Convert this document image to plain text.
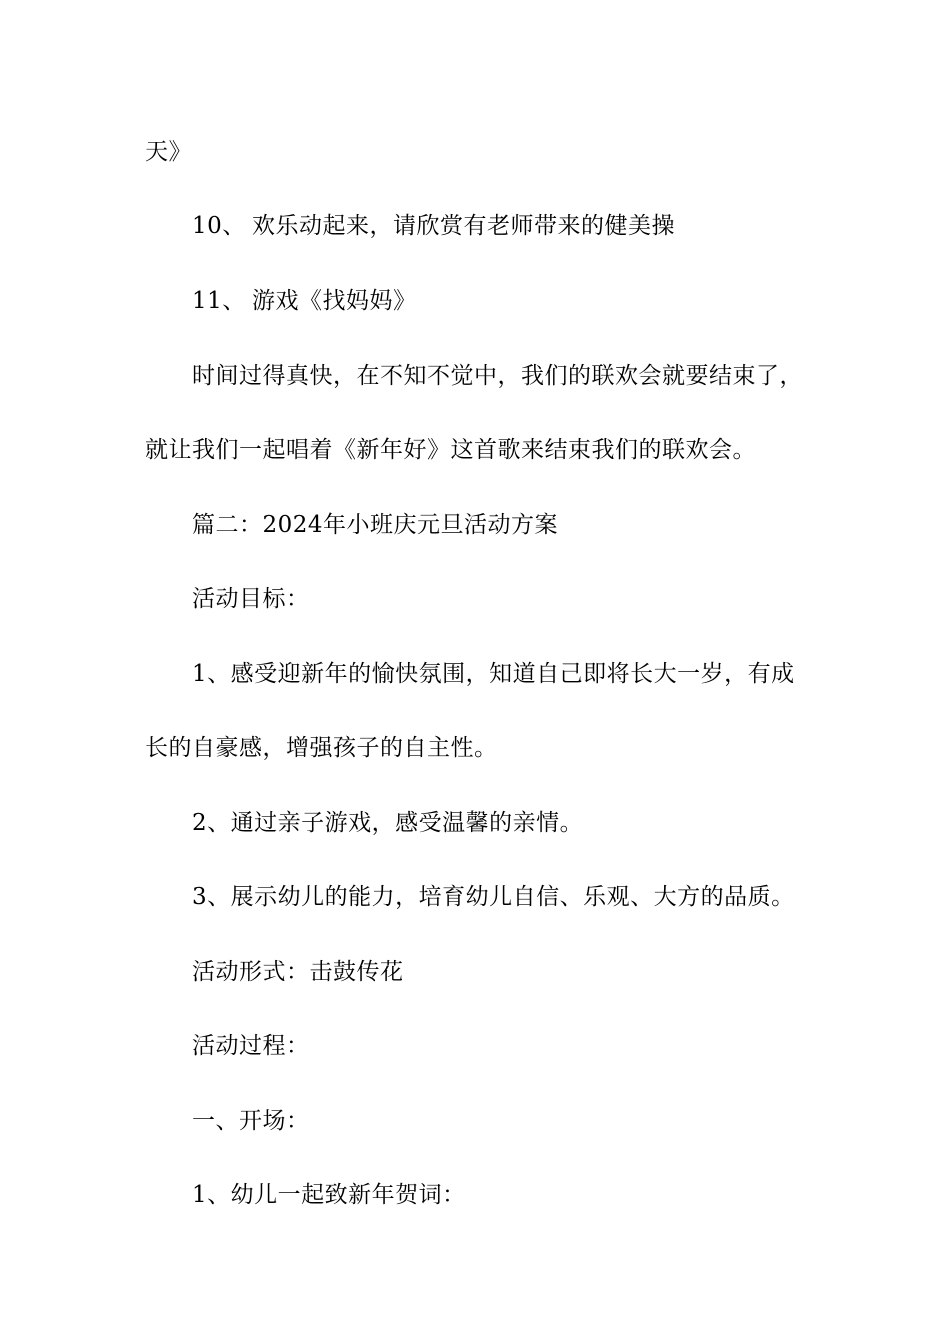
天》
10、 欢乐动起来，请欣赏有老师带来的健美操
11、 游戏《找妈妈》
时间过得真快，在不知不觉中，我们的联欢会就要结束了，
就让我们一起唱着《新年好》这首歌来结束我们的联欢会。
篇二：2024年小班庆元旦活动方案
活动目标：
1、感受迎新年的愉快氛围，知道自己即将长大一岁，有成
长的自豪感，增强孩子的自主性。
2、通过亲子游戏，感受温馨的亲情。
3、展示幼儿的能力，培育幼儿自信、乐观、大方的品质。
活动形式：击鼓传花
活动过程：
一、开场：
1、幼儿一起致新年贺词：
